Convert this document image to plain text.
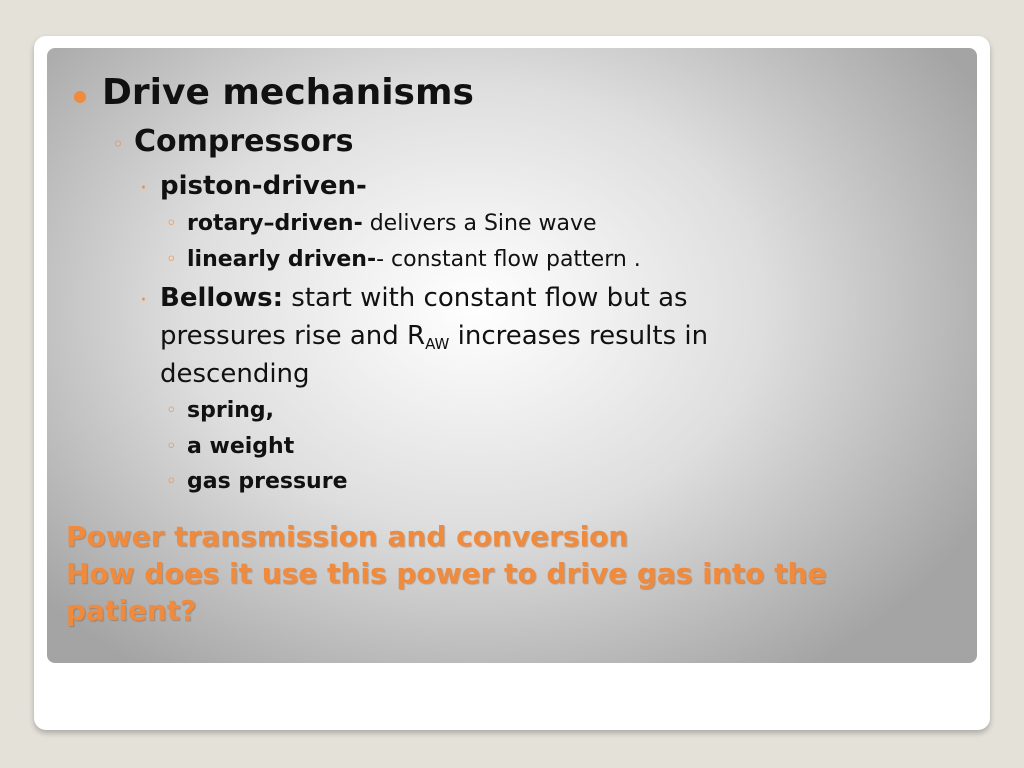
Drive mechanisms
◦ Compressors
· piston-driven-
◦ rotary–driven- delivers a Sine wave
◦ linearly driven-- constant flow pattern .
· Bellows: start with constant flow but as
pressures rise and $R_{AW}$ increases results in
descending
◦ spring,
◦ a weight
◦ gas pressure
Power transmission and conversion
How does it use this power to drive gas into the
patient?
